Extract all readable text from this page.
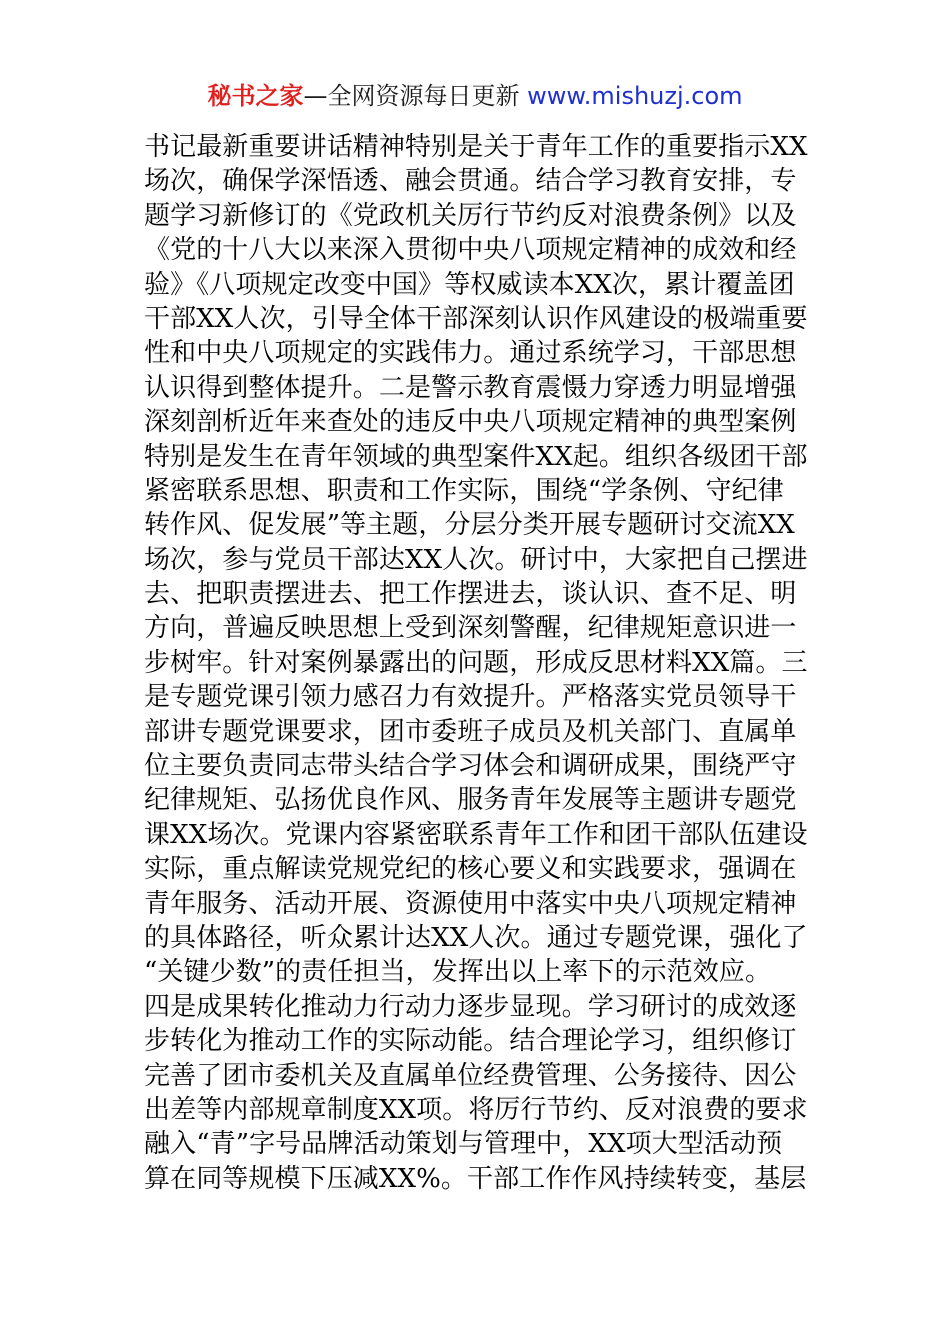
秘书之家—全网资源每日更新 www.mishuzj.com
书记最新重要讲话精神特别是关于青年工作的重要指示XX
场次，确保学深悟透、融会贯通。结合学习教育安排，专
题学习新修订的《党政机关厉行节约反对浪费条例》以及
《党的十八大以来深入贯彻中央八项规定精神的成效和经
验》《八项规定改变中国》等权威读本XX次，累计覆盖团
干部XX人次，引导全体干部深刻认识作风建设的极端重要
性和中央八项规定的实践伟力。通过系统学习，干部思想
认识得到整体提升。二是警示教育震慑力穿透力明显增强
深刻剖析近年来查处的违反中央八项规定精神的典型案例
特别是发生在青年领域的典型案件XX起。组织各级团干部
紧密联系思想、职责和工作实际，围绕“学条例、守纪律
转作风、促发展”等主题，分层分类开展专题研讨交流XX
场次，参与党员干部达XX人次。研讨中，大家把自己摆进
去、把职责摆进去、把工作摆进去，谈认识、查不足、明
方向，普遍反映思想上受到深刻警醒，纪律规矩意识进一
步树牢。针对案例暴露出的问题，形成反思材料XX篇。三
是专题党课引领力感召力有效提升。严格落实党员领导干
部讲专题党课要求，团市委班子成员及机关部门、直属单
位主要负责同志带头结合学习体会和调研成果，围绕严守
纪律规矩、弘扬优良作风、服务青年发展等主题讲专题党
课XX场次。党课内容紧密联系青年工作和团干部队伍建设
实际，重点解读党规党纪的核心要义和实践要求，强调在
青年服务、活动开展、资源使用中落实中央八项规定精神
的具体路径，听众累计达XX人次。通过专题党课，强化了
“关键少数”的责任担当，发挥出以上率下的示范效应。
四是成果转化推动力行动力逐步显现。学习研讨的成效逐
步转化为推动工作的实际动能。结合理论学习，组织修订
完善了团市委机关及直属单位经费管理、公务接待、因公
出差等内部规章制度XX项。将厉行节约、反对浪费的要求
融入“青”字号品牌活动策划与管理中，XX项大型活动预
算在同等规模下压减XX%。干部工作作风持续转变，基层
